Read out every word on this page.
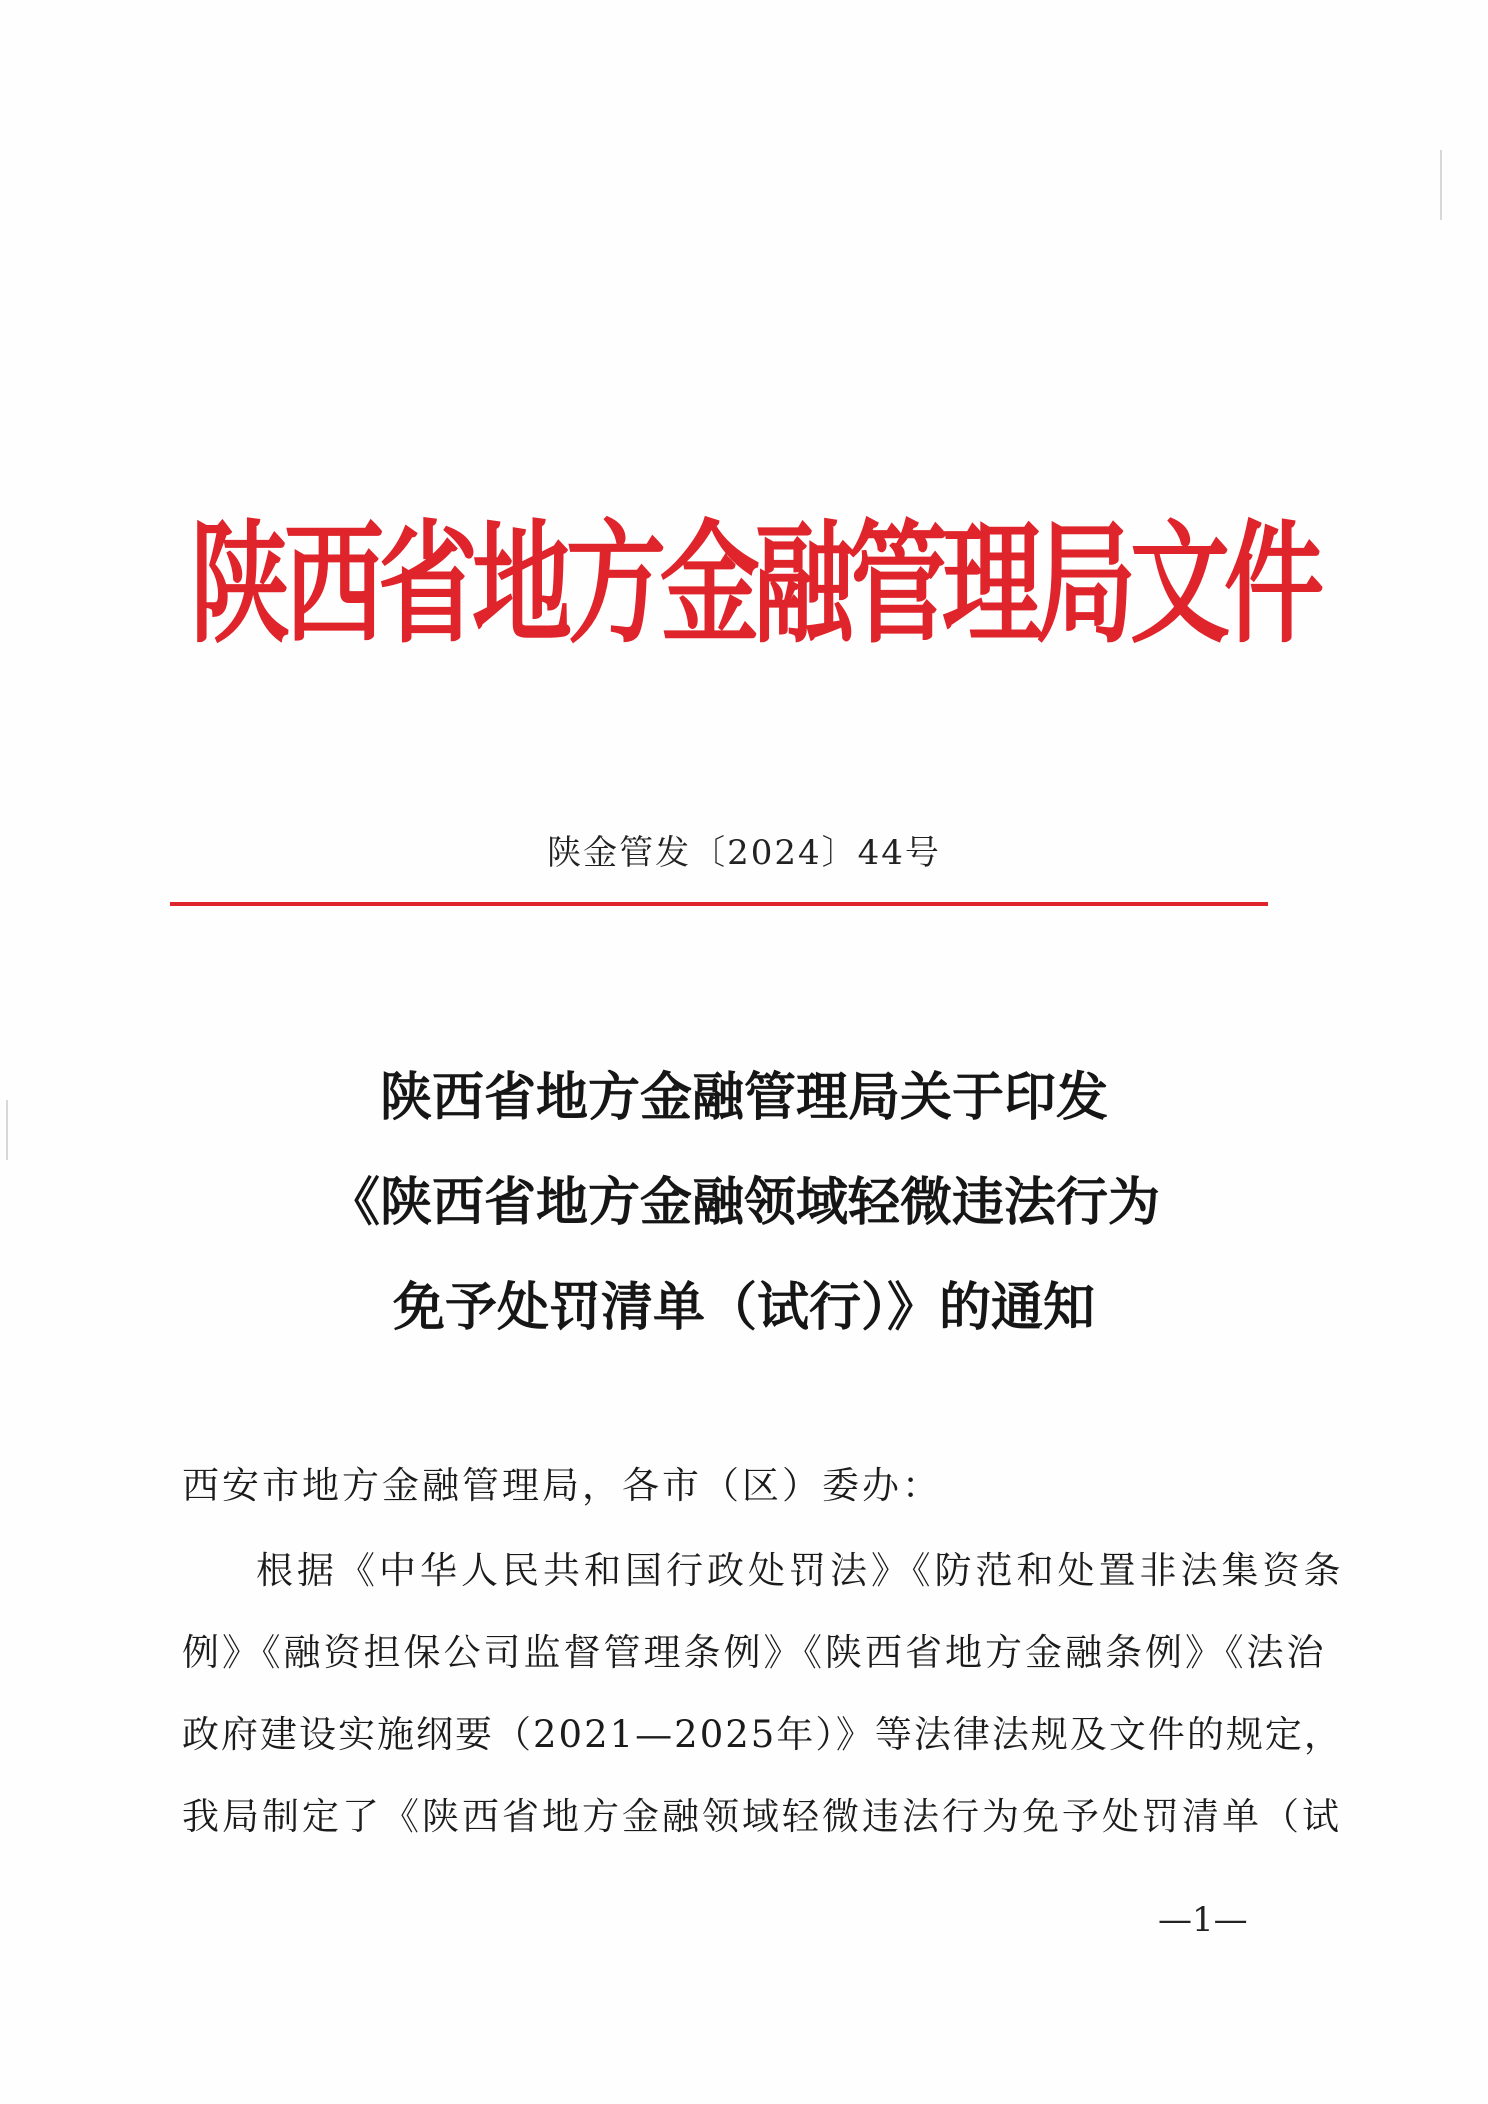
陕西省地方金融管理局文件
陕金管发〔2024〕44号
陕西省地方金融管理局关于印发
《陕西省地方金融领域轻微违法行为
免予处罚清单（试行）》的通知
西安市地方金融管理局，各市（区）委办：
根据《中华人民共和国行政处罚法》《防范和处置非法集资条
例》《融资担保公司监督管理条例》《陕西省地方金融条例》《法治
政府建设实施纲要（2021—2025年）》等法律法规及文件的规定，
我局制定了《陕西省地方金融领域轻微违法行为免予处罚清单（试
—1—
